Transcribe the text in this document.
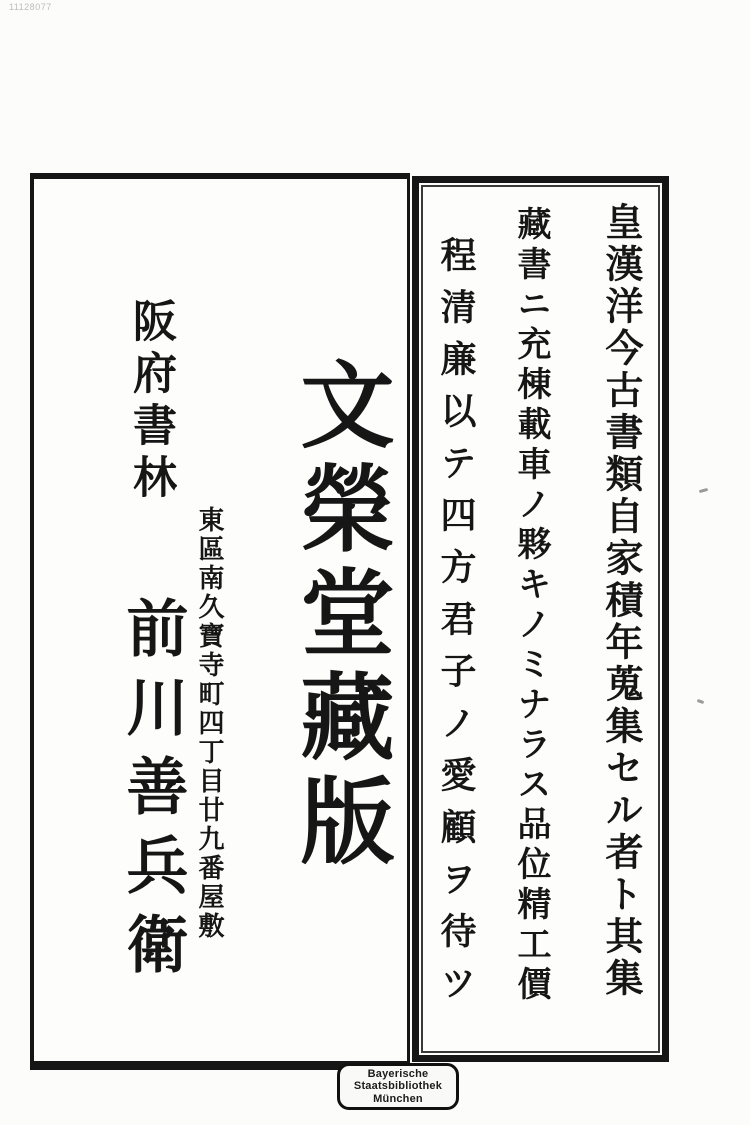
11128077
皇漢洋今古書類自家積年蒐集セル者ト其集
藏書ニ充棟載車ノ夥キノミナラス品位精工價
程清廉以テ四方君子ノ愛顧ヲ待ツ
阪府書林 文榮堂藏版
東區南久寶寺町四丁目廿九番屋敷
前川善兵衛
Bayerische
Staatsbibliothek
München
